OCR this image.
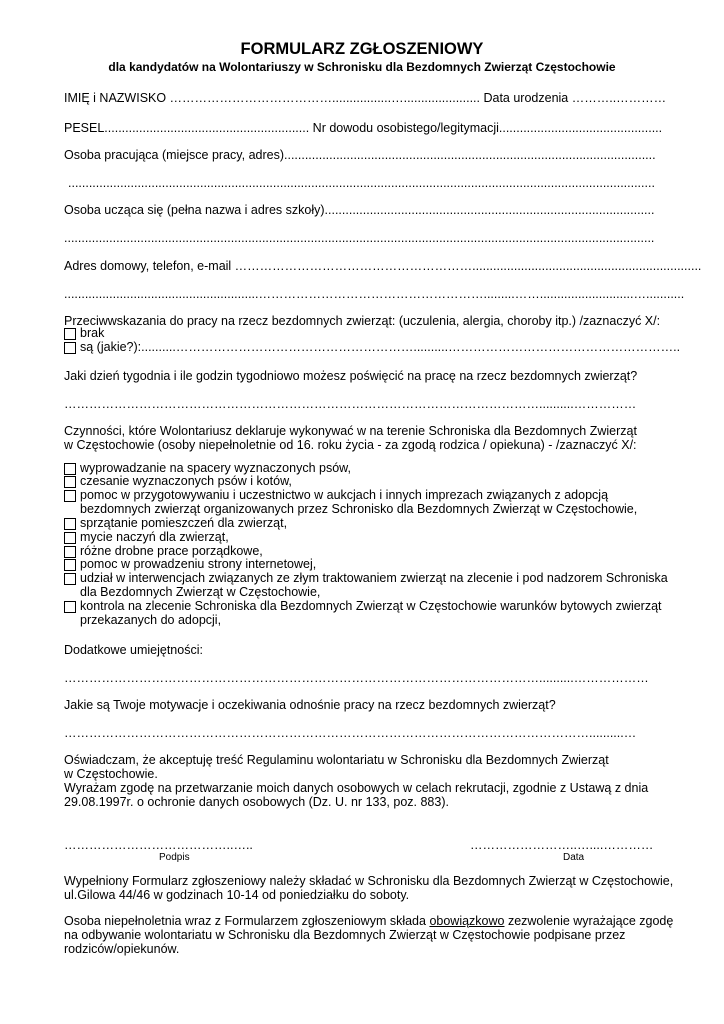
FORMULARZ ZGŁOSZENIOWY
dla kandydatów na Wolontariuszy w Schronisku dla Bezdomnych Zwierząt Częstochowie
IMIĘ i NAZWISKO ………………………………….................…...................... Data urodzenia ………..…………
PESEL........................................................... Nr dowodu osobistego/legitymacji...............................................
Osoba pracująca (miejsce pracy, adres)...........................................................................................................
.........................................................................................................................................................................
Osoba ucząca się (pełna nazwa i adres szkoły)...............................................................................................
..........................................................................................................................................................................
Adres domowy, telefon, e-mail …………………………………………………..................................................................
........................................................……………………………………………….........……...........................…...........
Przeciwwskazania do pracy na rzecz bezdomnych zwierząt: (uczulenia, alergia, choroby itp.) /zaznaczyć X/:
brak
są (jakie?):..........…………………………………………………..........………………………………………………..
Jaki dzień tygodnia i ile godzin tygodniowo możesz poświęcić na pracę na rzecz bezdomnych zwierząt?
……………………………………………………………………………………………………..........……………
Czynności, które Wolontariusz deklaruje wykonywać w na terenie Schroniska dla Bezdomnych Zwierząt
w Częstochowie (osoby niepełnoletnie od 16. roku życia - za zgodą rodzica / opiekuna) - /zaznaczyć X/:
wyprowadzanie na spacery wyznaczonych psów,
czesanie wyznaczonych psów i kotów,
pomoc w przygotowywaniu i uczestnictwo w aukcjach i innych imprezach związanych z adopcją
bezdomnych zwierząt organizowanych przez Schronisko dla Bezdomnych Zwierząt w Częstochowie,
sprzątanie pomieszczeń dla zwierząt,
mycie naczyń dla zwierząt,
różne drobne prace porządkowe,
pomoc w prowadzeniu strony internetowej,
udział w interwencjach związanych ze złym traktowaniem zwierząt na zlecenie i pod nadzorem Schroniska
dla Bezdomnych Zwierząt w Częstochowie,
kontrola na zlecenie Schroniska dla Bezdomnych Zwierząt w Częstochowie warunków bytowych zwierząt
przekazanych do adopcji,
Dodatkowe umiejętności:
……………………………………………………………………………………………………..........………………
Jakie są Twoje motywacje i oczekiwania odnośnie pracy na rzecz bezdomnych zwierząt?
………………………………………………………………………………………………………………..........…
Oświadczam, że akceptuję treść Regulaminu wolontariatu w Schronisku dla Bezdomnych Zwierząt
w Częstochowie.
Wyrażam zgodę na przetwarzanie moich danych osobowych w celach rekrutacji, zgodnie z Ustawą z dnia
29.08.1997r. o ochronie danych osobowych (Dz. U. nr 133, poz. 883).
…………………………………..…..
Podpis
……………………..…....…………
Data
Wypełniony Formularz zgłoszeniowy należy składać w Schronisku dla Bezdomnych Zwierząt w Częstochowie,
ul.Gilowa 44/46 w godzinach 10-14 od poniedziałku do soboty.
Osoba niepełnoletnia wraz z Formularzem zgłoszeniowym składa obowiązkowo zezwolenie wyrażające zgodę
na odbywanie wolontariatu w Schronisku dla Bezdomnych Zwierząt w Częstochowie podpisane przez
rodziców/opiekunów.
